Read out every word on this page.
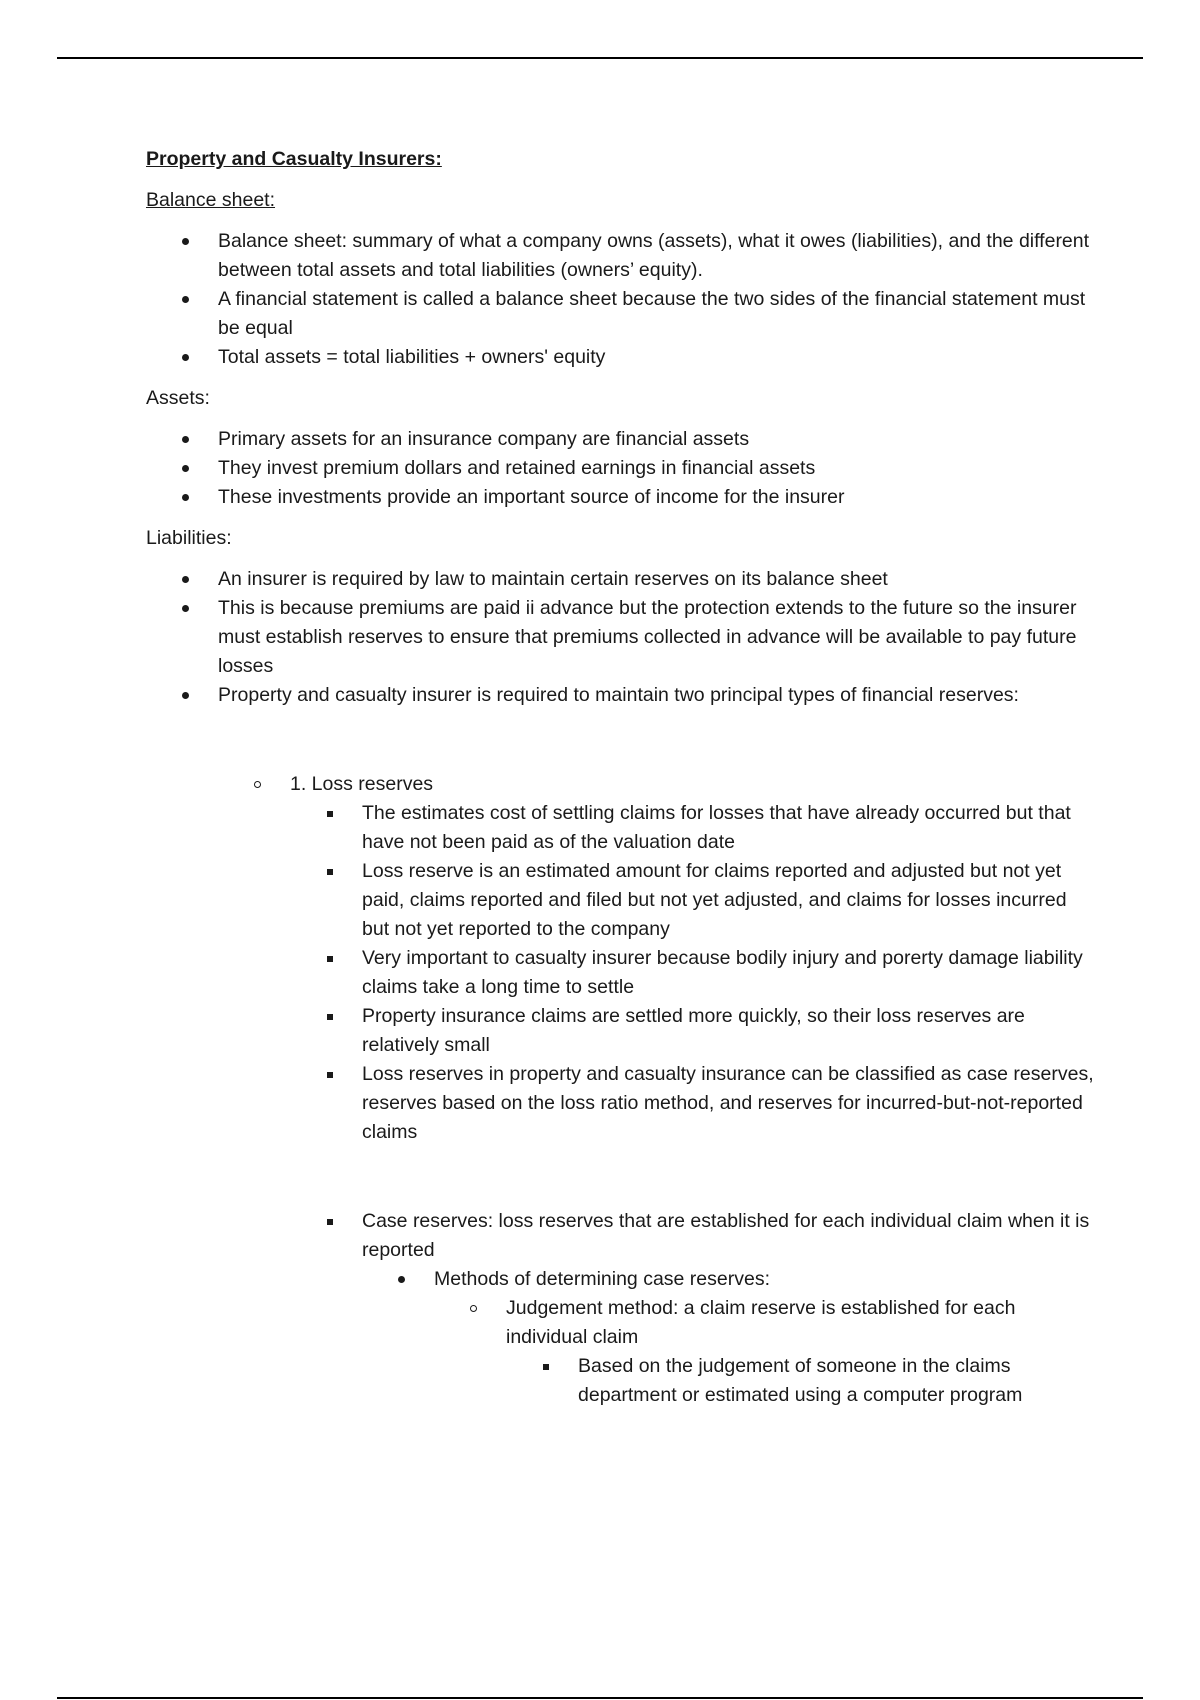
Property and Casualty Insurers:
Balance sheet:
Balance sheet: summary of what a company owns (assets), what it owes (liabilities), and the different between total assets and total liabilities (owners’ equity).
A financial statement is called a balance sheet because the two sides of the financial statement must be equal
Total assets = total liabilities + owners' equity
Assets:
Primary assets for an insurance company are financial assets
They invest premium dollars and retained earnings in financial assets
These investments provide an important source of income for the insurer
Liabilities:
An insurer is required by law to maintain certain reserves on its balance sheet
This is because premiums are paid ii advance but the protection extends to the future so the insurer must establish reserves to ensure that premiums collected in advance will be available to pay future losses
Property and casualty insurer is required to maintain two principal types of financial reserves:
1. Loss reserves
The estimates cost of settling claims for losses that have already occurred but that have not been paid as of the valuation date
Loss reserve is an estimated amount for claims reported and adjusted but not yet paid, claims reported and filed but not yet adjusted, and claims for losses incurred but not yet reported to the company
Very important to casualty insurer because bodily injury and porerty damage liability claims take a long time to settle
Property insurance claims are settled more quickly, so their loss reserves are relatively small
Loss reserves in property and casualty insurance can be classified as case reserves, reserves based on the loss ratio method, and reserves for incurred-but-not-reported claims
Case reserves: loss reserves that are established for each individual claim when it is reported
Methods of determining case reserves:
Judgement method: a claim reserve is established for each individual claim
Based on the judgement of someone in the claims department or estimated using a computer program
